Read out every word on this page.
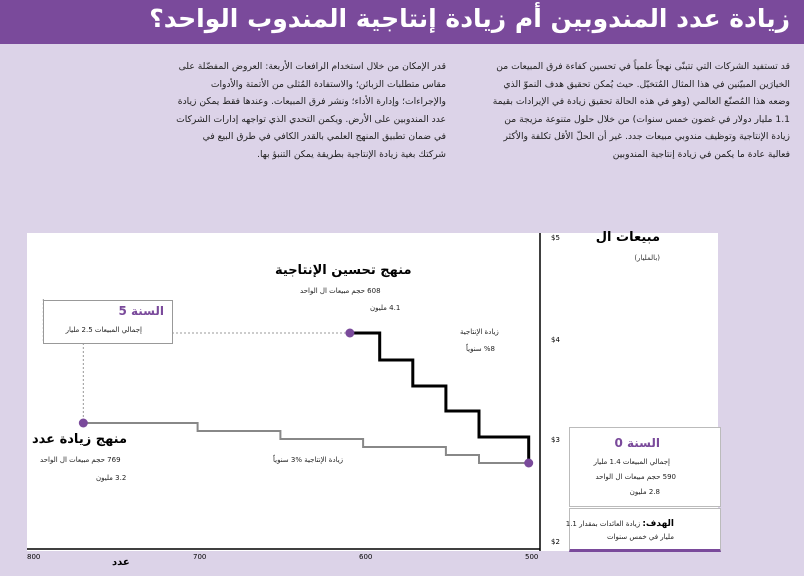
زيادة عدد المندوبين أم زيادة إنتاجية المندوب الواحد؟
قد تستفيد الشركات التي تتبنّى نهجاً علمياً في تحسين كفاءة فرق المبيعات من الخيارَين المبيّنين في هذا المثال المُتخيّل. حيث يُمكن تحقيق هدف النموّ الذي وضعه هذا المُصنّع العالمي (وهو في هذه الحالة تحقيق زيادة في الإيرادات بقيمة 1.1 مليار دولار في غضون خمس سنوات) من خلال حلول متنوعة مزيجة من زيادة الإنتاجية وتوظيف مندوبي مبيعات جدد. غير أن الحلّ الأقل تكلفة والأكثر فعالية عادة ما يكمن في زيادة إنتاجية المندوبين
قدر الإمكان من خلال استخدام الرافعات الأربعة: العروض المفضّلة على مقاس متطلبات الزبائن؛ والاستفادة المُثلى من الأتمتة والأدوات والإجراءات؛ وإدارة الأداء؛ ونشر فرق المبيعات. وعندها فقط يمكن زيادة عدد المندوبين على الأرض. ويكمن التحدي الذي تواجهه إدارات الشركات في ضمان تطبيق المنهج العلمي بالقدر الكافي في طرق البيع في شركتك بغية زيادة الإنتاجية بطريقة يمكن التنبؤ بها.
مبيعات ال
(بالمليار)
$5
$4
$3
$2
السنة 5
إجمالي المبيعات 2.5 مليار
السنة 0
إجمالي المبيعات 1.4 مليار
590 حجم مبيعات ال الواحد
2.8 مليون
الهدف: زيادة العائدات بمقدار 1.1 مليار في خمس سنوات
منهج تحسين الإنتاجية
608 حجم مبيعات ال الواحد
4.1 مليون
زيادة الإنتاجية
%8 سنوياً
منهج زيادة عدد
769 حجم مبيعات ال الواحد
3.2 مليون
زيادة الإنتاجية %3 سنوياً
800	700	600	500
عدد
